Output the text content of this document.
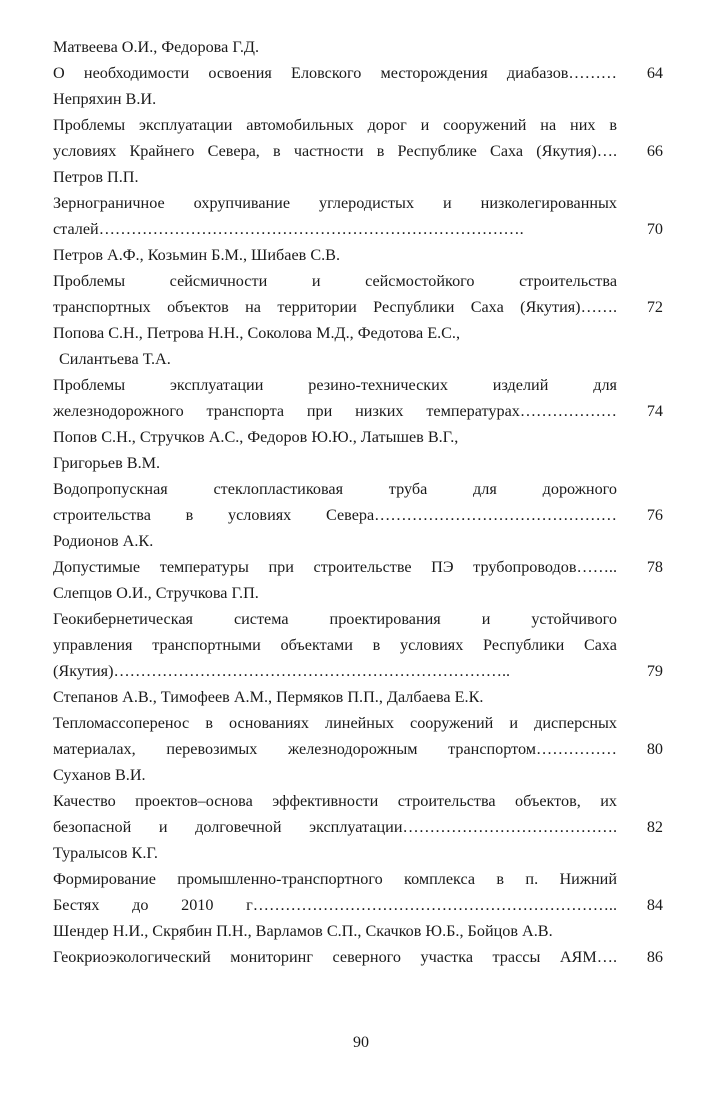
Матвеева О.И., Федорова Г.Д.
О необходимости освоения Еловского месторождения диабазов………	64
Непряхин В.И.
Проблемы эксплуатации автомобильных дорог и сооружений на них в
условиях Крайнего Севера, в частности в Республике Саха (Якутия)….	66
Петров П.П.
Зернограничное охрупчивание углеродистых и низколегированных
сталей…………………………………………………………………….	70
Петров А.Ф., Козьмин Б.М., Шибаев С.В.
Проблемы сейсмичности и сейсмостойкого строительства
транспортных объектов на территории Республики Саха (Якутия)…….	72
Попова С.Н., Петрова Н.Н., Соколова М.Д., Федотова Е.С.,
Силантьева Т.А.
Проблемы эксплуатации резино-технических изделий для
железнодорожного транспорта при низких температурах………………	74
Попов С.Н., Стручков А.С., Федоров Ю.Ю., Латышев В.Г.,
Григорьев В.М.
Водопропускная стеклопластиковая труба для дорожного
строительства в условиях Севера………………………………………	76
Родионов А.К.
Допустимые температуры при строительстве ПЭ трубопроводов……..	78
Слепцов О.И., Стручкова Г.П.
Геокибернетическая система проектирования и устойчивого
управления транспортными объектами в условиях Республики Саха
(Якутия)………………………………………………………………..	79
Степанов А.В., Тимофеев А.М., Пермяков П.П., Далбаева Е.К.
Тепломассоперенос в основаниях линейных сооружений и дисперсных
материалах, перевозимых железнодорожным транспортом……………	80
Суханов В.И.
Качество проектов–основа эффективности строительства объектов, их
безопасной и долговечной эксплуатации………………………………….	82
Туралысов К.Г.
Формирование промышленно-транспортного комплекса в п. Нижний
Бестях до 2010 г…………………………………………………………..	84
Шендер Н.И., Скрябин П.Н., Варламов С.П., Скачков Ю.Б., Бойцов А.В.
Геокриоэкологический мониторинг северного участка трассы АЯМ….	86
90
